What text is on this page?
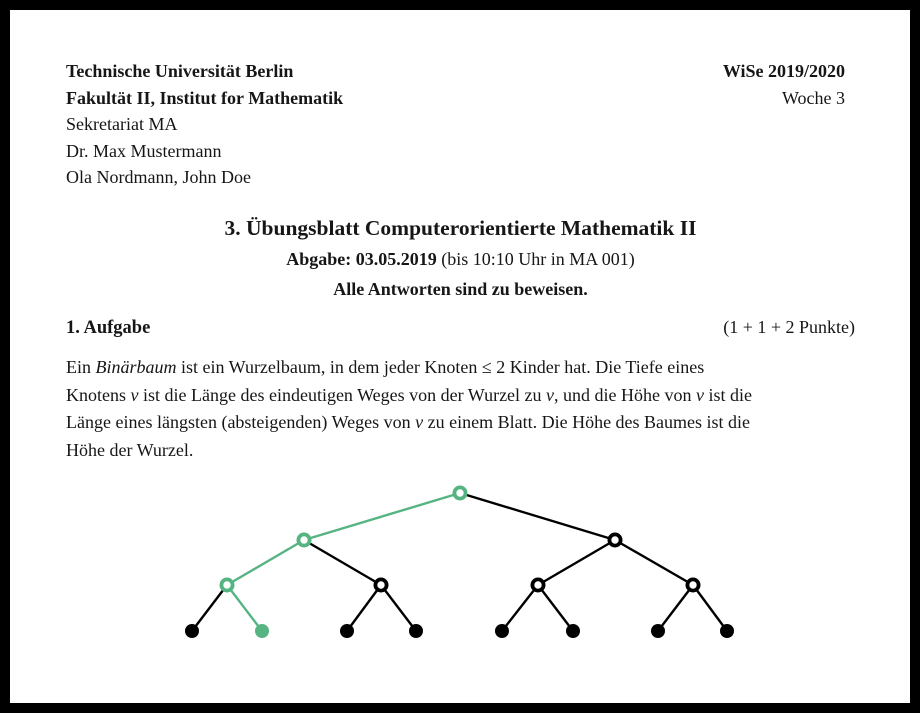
Technische Universität Berlin
Fakultät II, Institut for Mathematik
Sekretariat MA
Dr. Max Mustermann
Ola Nordmann, John Doe
WiSe 2019/2020
Woche 3
3. Übungsblatt Computerorientierte Mathematik II
Abgabe: 03.05.2019 (bis 10:10 Uhr in MA 001)
Alle Antworten sind zu beweisen.
1. Aufgabe	(1 + 1 + 2 Punkte)
Ein Binärbaum ist ein Wurzelbaum, in dem jeder Knoten ≤ 2 Kinder hat. Die Tiefe eines
Knotens v ist die Länge des eindeutigen Weges von der Wurzel zu v, und die Höhe von v ist die
Länge eines längsten (absteigenden) Weges von v zu einem Blatt. Die Höhe des Baumes ist die
Höhe der Wurzel.
